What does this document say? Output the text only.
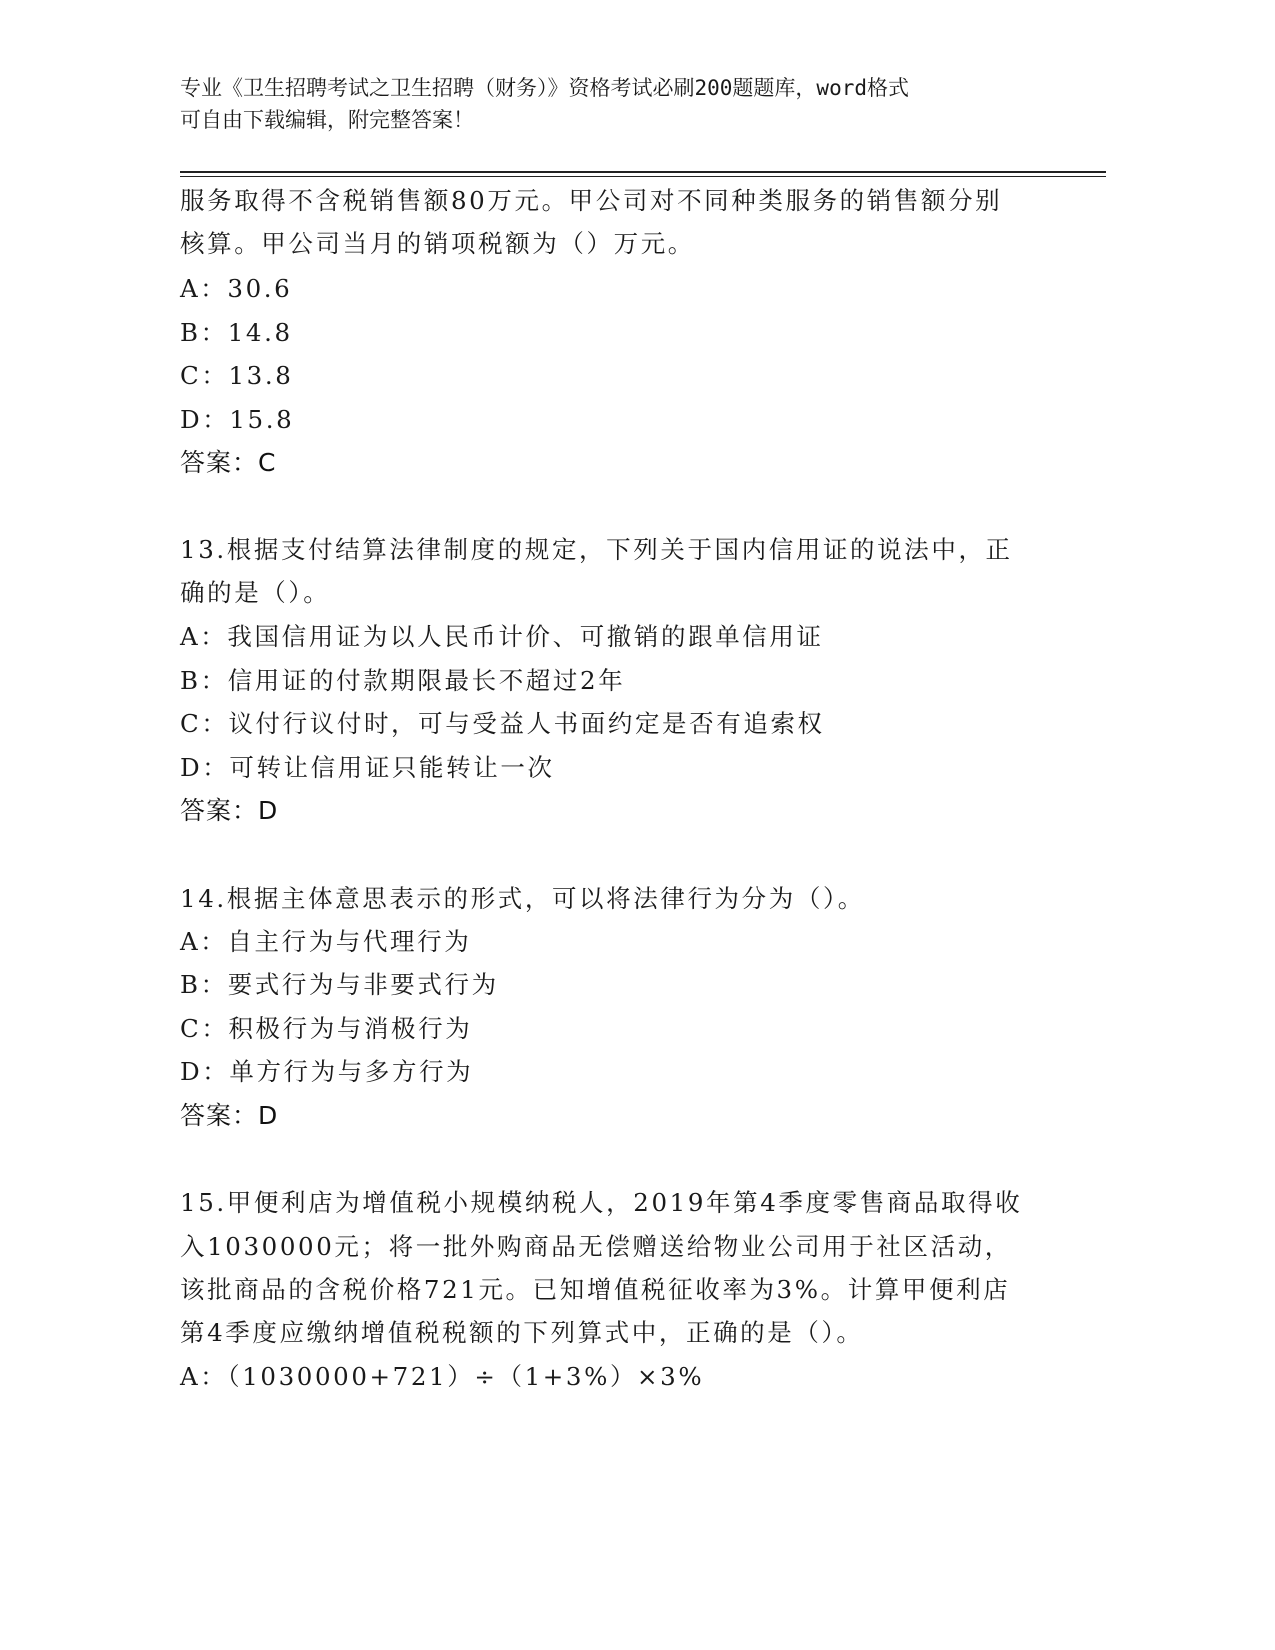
专业《卫生招聘考试之卫生招聘（财务）》资格考试必刷200题题库，word格式
可自由下载编辑，附完整答案！
服务取得不含税销售额80万元。甲公司对不同种类服务的销售额分别
核算。甲公司当月的销项税额为（）万元。
A：30.6
B：14.8
C：13.8
D：15.8
答案：C
13.根据支付结算法律制度的规定，下列关于国内信用证的说法中，正
确的是（）。
A：我国信用证为以人民币计价、可撤销的跟单信用证
B：信用证的付款期限最长不超过2年
C：议付行议付时，可与受益人书面约定是否有追索权
D：可转让信用证只能转让一次
答案：D
14.根据主体意思表示的形式，可以将法律行为分为（）。
A：自主行为与代理行为
B：要式行为与非要式行为
C：积极行为与消极行为
D：单方行为与多方行为
答案：D
15.甲便利店为增值税小规模纳税人，2019年第4季度零售商品取得收
入1030000元；将一批外购商品无偿赠送给物业公司用于社区活动，
该批商品的含税价格721元。已知增值税征收率为3%。计算甲便利店
第4季度应缴纳增值税税额的下列算式中，正确的是（）。
A：（1030000+721）÷（1+3%）×3%
